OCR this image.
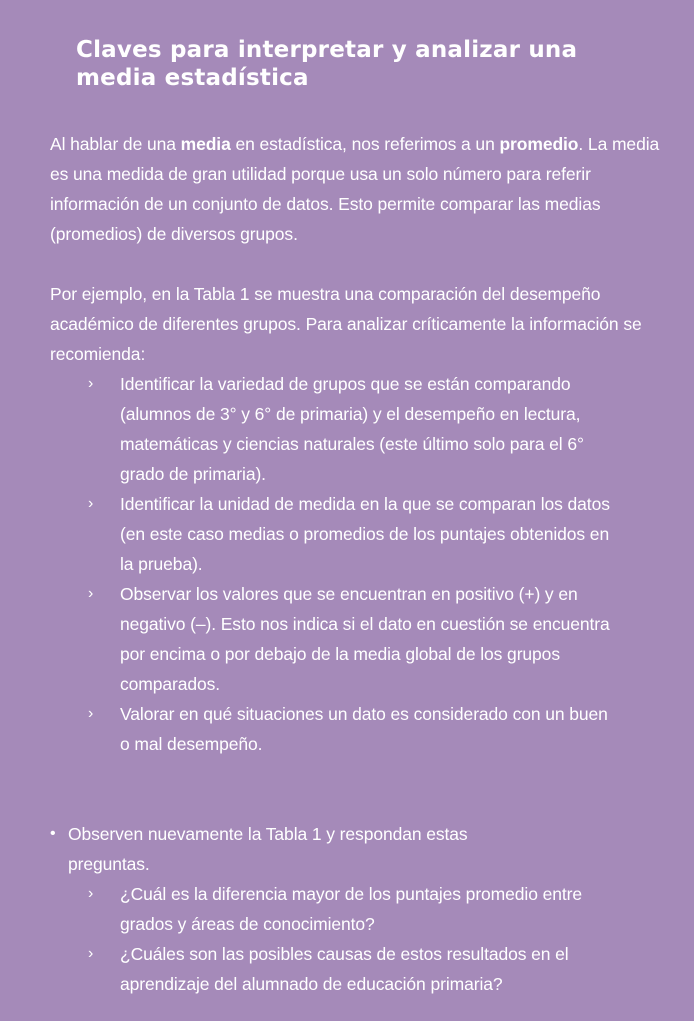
Claves para interpretar y analizar una media estadística

Al hablar de una media en estadística, nos referimos a un promedio. La media es una medida de gran utilidad porque usa un solo número para referir información de un conjunto de datos. Esto permite comparar las medias (promedios) de diversos grupos.

Por ejemplo, en la Tabla 1 se muestra una comparación del desempeño académico de diferentes grupos. Para analizar críticamente la información se recomienda:

› Identificar la variedad de grupos que se están comparando (alumnos de 3° y 6° de primaria) y el desempeño en lectura, matemáticas y ciencias naturales (este último solo para el 6° grado de primaria).
› Identificar la unidad de medida en la que se comparan los datos (en este caso medias o promedios de los puntajes obtenidos en la prueba).
› Observar los valores que se encuentran en positivo (+) y en negativo (–). Esto nos indica si el dato en cuestión se encuentra por encima o por debajo de la media global de los grupos comparados.
› Valorar en qué situaciones un dato es considerado con un buen o mal desempeño.
• Observen nuevamente la Tabla 1 y respondan estas preguntas.
› ¿Cuál es la diferencia mayor de los puntajes promedio entre grados y áreas de conocimiento?
› ¿Cuáles son las posibles causas de estos resultados en el aprendizaje del alumnado de educación primaria?
